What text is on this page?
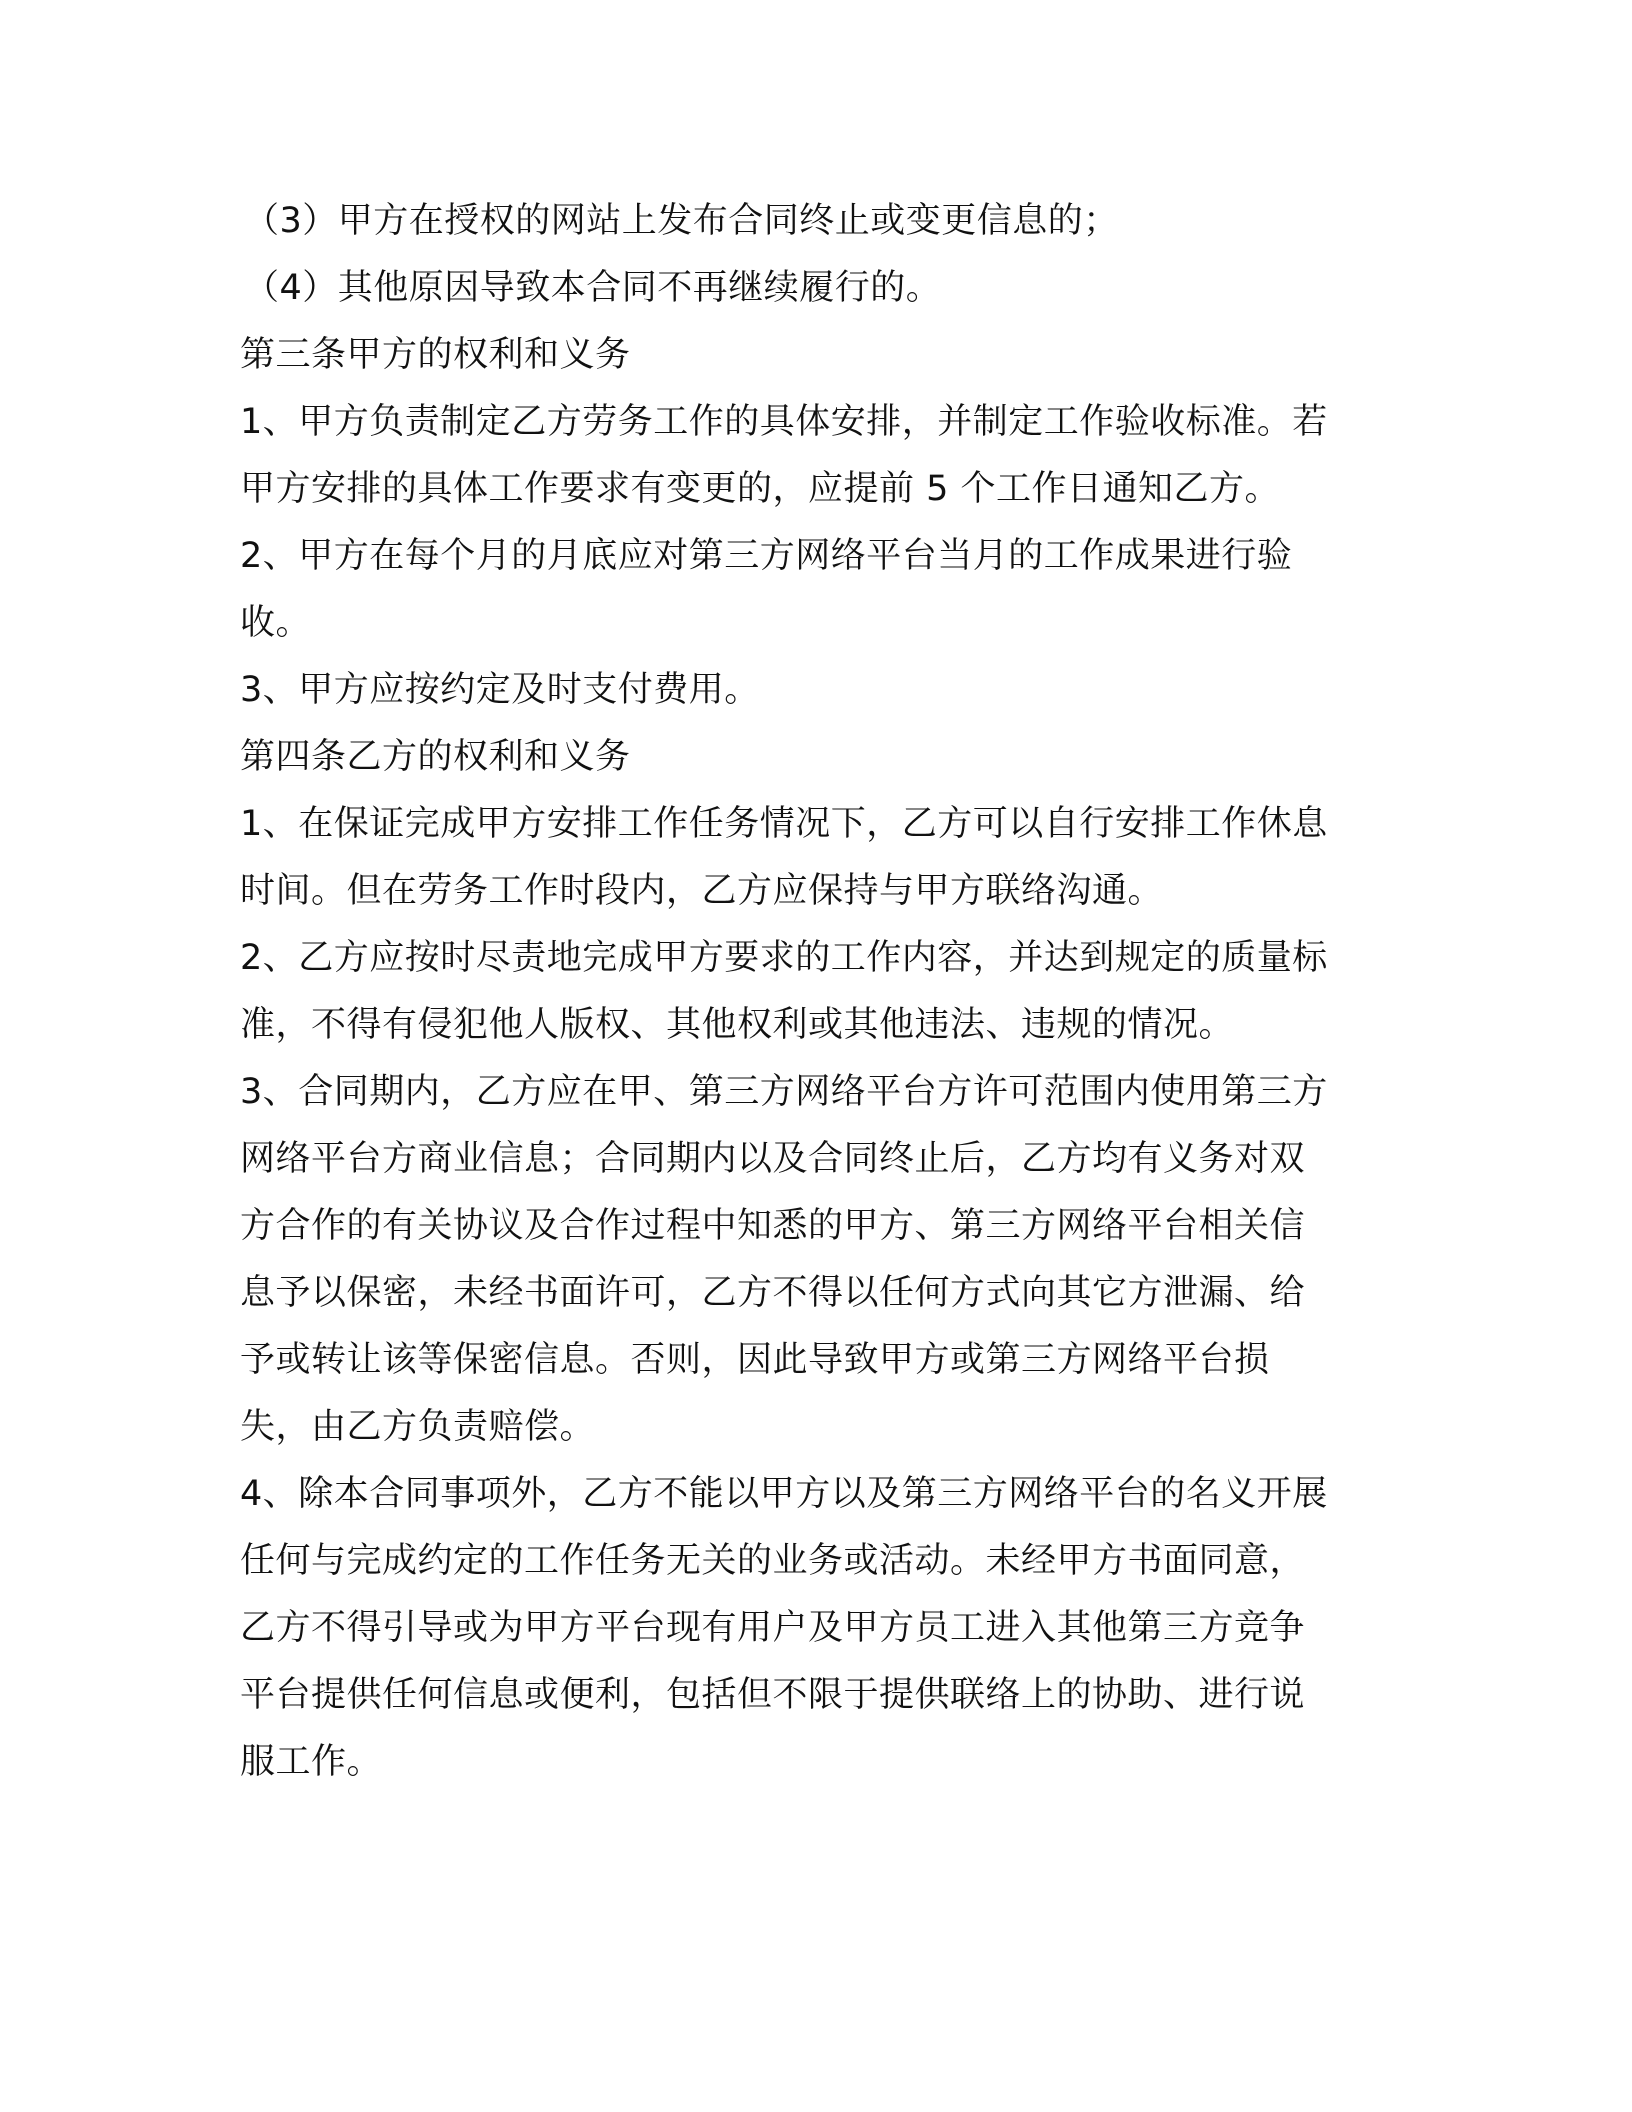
（3）甲方在授权的网站上发布合同终止或变更信息的；
（4）其他原因导致本合同不再继续履行的。
第三条甲方的权利和义务
1、甲方负责制定乙方劳务工作的具体安排，并制定工作验收标准。若
甲方安排的具体工作要求有变更的，应提前 5 个工作日通知乙方。
2、甲方在每个月的月底应对第三方网络平台当月的工作成果进行验
收。
3、甲方应按约定及时支付费用。
第四条乙方的权利和义务
1、在保证完成甲方安排工作任务情况下，乙方可以自行安排工作休息
时间。但在劳务工作时段内，乙方应保持与甲方联络沟通。
2、乙方应按时尽责地完成甲方要求的工作内容，并达到规定的质量标
准，不得有侵犯他人版权、其他权利或其他违法、违规的情况。
3、合同期内，乙方应在甲、第三方网络平台方许可范围内使用第三方
网络平台方商业信息；合同期内以及合同终止后，乙方均有义务对双
方合作的有关协议及合作过程中知悉的甲方、第三方网络平台相关信
息予以保密，未经书面许可，乙方不得以任何方式向其它方泄漏、给
予或转让该等保密信息。否则，因此导致甲方或第三方网络平台损
失，由乙方负责赔偿。
4、除本合同事项外，乙方不能以甲方以及第三方网络平台的名义开展
任何与完成约定的工作任务无关的业务或活动。未经甲方书面同意，
乙方不得引导或为甲方平台现有用户及甲方员工进入其他第三方竞争
平台提供任何信息或便利，包括但不限于提供联络上的协助、进行说
服工作。
